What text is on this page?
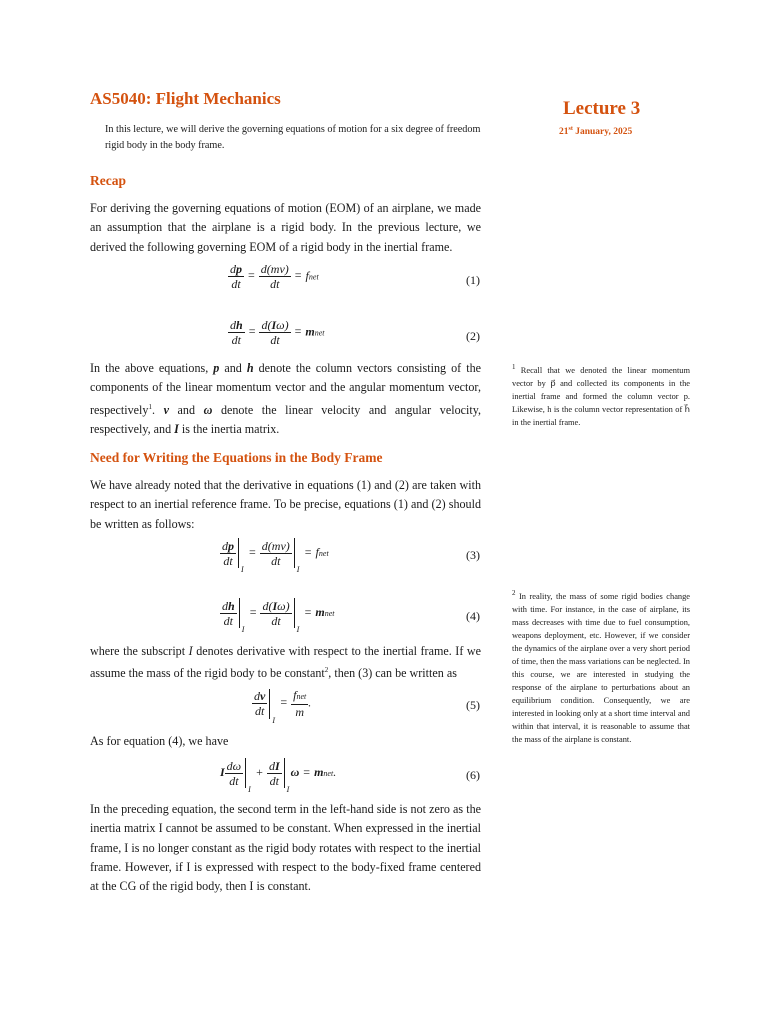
AS5040: Flight Mechanics	Lecture 3
21st January, 2025
In this lecture, we will derive the governing equations of motion for a six degree of freedom rigid body in the body frame.
Recap
For deriving the governing equations of motion (EOM) of an airplane, we made an assumption that the airplane is a rigid body. In the previous lecture, we derived the following governing EOM of a rigid body in the inertial frame.
$\frac{dp}{dt} = \frac{d(mv)}{dt}$ = fnet	(1)
$\frac{dh}{dt} = \frac{d(I\omega)}{dt}$ = mnet	(2)
In the above equations, p and h denote the column vectors consisting of the components of the linear momentum vector and the angular momentum vector, respectively$^1$. v and ω denote the linear velocity and angular velocity, respectively, and I is the inertia matrix.
Need for Writing the Equations in the Body Frame
We have already noted that the derivative in equations (1) and (2) are taken with respect to an inertial reference frame. To be precise, equations (1) and (2) should be written as follows:
$\frac{dp}{dt}$
I
= $\frac{d(mv)}{dt}$
I
= fnet	(3)
$\frac{dh}{dt}$
I
= $\frac{d(I\omega)}{dt}$
I
= mnet	(4)
where the subscript I denotes derivative with respect to the inertial frame. If we assume the mass of the rigid body to be constant$^2$, then (3) can be written as
$\frac{dv}{dt}$
I
= $\frac{\text{fnet}}{m}$ .	(5)
As for equation (4), we have
I $\frac{d\omega}{dt}$
I
+ $\frac{dI}{dt}$
I
ω = mnet.	(6)
In the preceding equation, the second term in the left-hand side is not zero as the inertia matrix I cannot be assumed to be constant. When expressed in the inertial frame, I is no longer constant as the rigid body rotates with respect to the inertial frame. However, if I is expressed with respect to the body-fixed frame centered at the CG of the rigid body, then I is constant.
$^1$ Recall that we denoted the linear momentum vector by p⃗ and collected its components in the inertial frame and formed the column vector p. Likewise, h is the column vector representation of h⃗ in the inertial frame.
$^2$ In reality, the mass of some rigid bodies change with time. For instance, in the case of airplane, its mass decreases with time due to fuel consumption, weapons deployment, etc. However, if we consider the dynamics of the airplane over a very short period of time, then the mass variations can be neglected. In this course, we are interested in studying the response of the airplane to perturbations about an equilibrium condition. Consequently, we are interested in looking only at a short time interval and within that interval, it is reasonable to assume that the mass of the airplane is constant.
